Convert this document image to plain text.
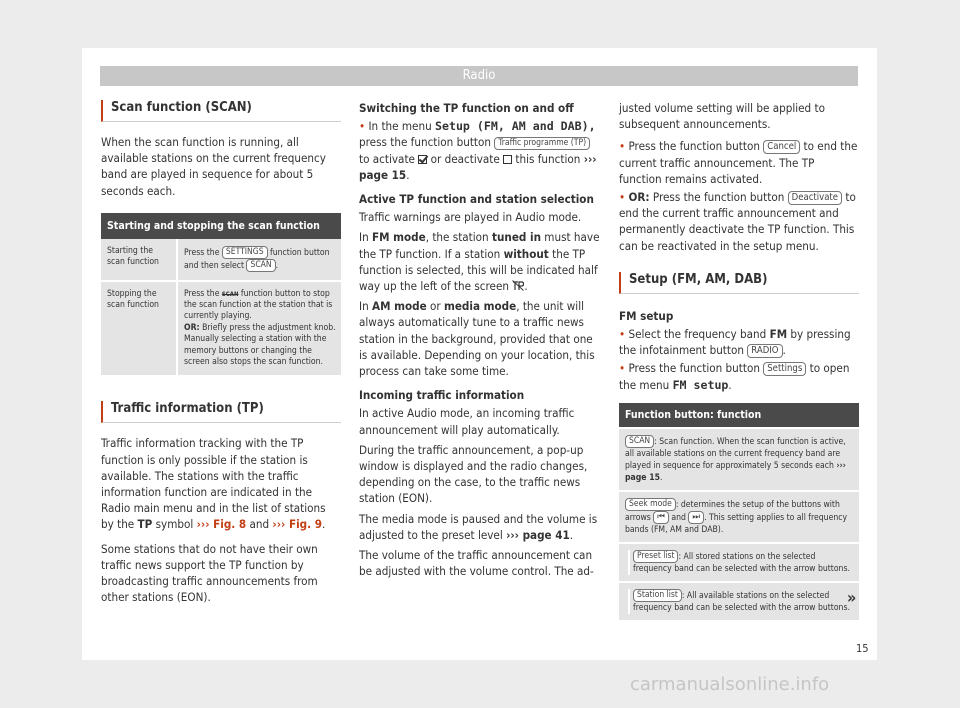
Radio
Scan function (SCAN)

When the scan function is running, all available stations on the current frequency band are played in sequence for about 5 seconds each.

Starting and stopping the scan function	
Starting the scan function	Press the SETTINGS function button and then select SCAN .
Stopping the scan function	Press the SCAN function button to stop the scan function at the station that is currently playing.
OR: Briefly press the adjustment knob.
Manually selecting a station with the memory buttons or changing the screen also stops the scan function.
Traffic information (TP)

Traffic information tracking with the TP function is only possible if the station is available. The stations with the traffic information function are indicated in the Radio main menu and in the list of stations by the TP symbol ››› Fig. 8 and ››› Fig. 9.

Some stations that do not have their own traffic news support the TP function by broadcasting traffic announcements from other stations (EON).

Switching the TP function on and off

• In the menu Setup (FM, AM and DAB), press the function button Traffic programme (TP) to activate  or deactivate  this function ››› page 15.

Active TP function and station selection

Traffic warnings are played in Audio mode.

In FM mode, the station tuned in must have the TP function. If a station without the TP function is selected, this will be indicated half way up the left of the screen .

In AM mode or media mode, the unit will always automatically tune to a traffic news station in the background, provided that one is available. Depending on your location, this process can take some time.

Incoming traffic information

In active Audio mode, an incoming traffic announcement will play automatically.

During the traffic announcement, a pop-up window is displayed and the radio changes, depending on the case, to the traffic news station (EON).

The media mode is paused and the volume is adjusted to the preset level ››› page 41.

The volume of the traffic announcement can be adjusted with the volume control. The ad-

justed volume setting will be applied to subsequent announcements.

• Press the function button Cancel to end the current traffic announcement. The TP function remains activated.

• OR: Press the function button Deactivate to end the current traffic announcement and permanently deactivate the TP function. This can be reactivated in the setup menu.

Setup (FM, AM, DAB)

FM setup

• Select the frequency band FM by pressing the infotainment button RADIO .

• Press the function button Settings to open the menu FM setup.

Function button: function
SCAN : Scan function. When the scan function is active, all available stations on the current frequency band are played in sequence for approximately 5 seconds each ››› page 15.
Seek mode : determines the setup of the buttons with arrows ⏮ and ⏭ . This setting applies to all frequency bands (FM, AM and DAB).
Preset list : All stored stations on the selected frequency band can be selected with the arrow buttons.
Station list : All available stations on the selected frequency band can be selected with the arrow buttons.
»
15
carmanualsonline.info
